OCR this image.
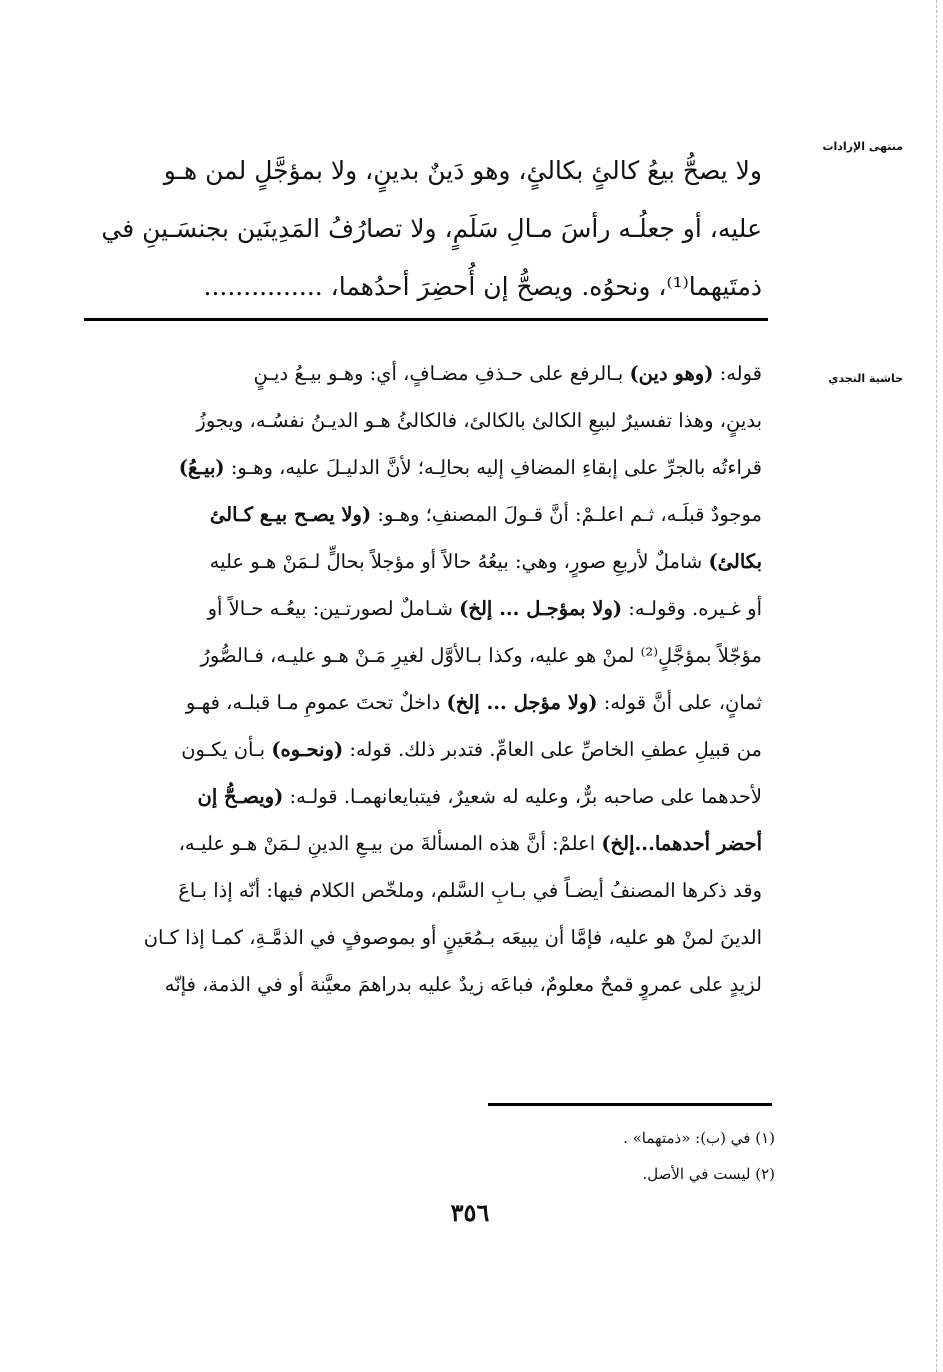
منتهى الإرادات
حاشية النجدي
ولا يصحُّ بيعُ كالئٍ بكالئٍ، وهو دَينٌ بدينٍ، ولا بمؤجَّلٍ لمن هـو
عليه، أو جعلُـه رأسَ مـالِ سَلَمٍ، ولا تصارُفُ المَدِينَين بجنسَـينِ في
ذمتَيهما⁽¹⁾، ونحوُه. ويصحُّ إن أُحضِرَ أحدُهما، ...............
قوله: (وهو دين) بـالرفع على حـذفِ مضـافٍ، أي: وهـو بيـعُ ديـنٍ
بدينٍ، وهذا تفسيرٌ لبيعِ الكالئ بالكالئ، فالكالئُ هـو الديـنُ نفسُـه، ويجوزُ
قراءتُه بالجرِّ على إبقاءِ المضافِ إليه بحالِـه؛ لأنَّ الدليـلَ عليه، وهـو: (بيـعُ)
موجودٌ قبلَـه، ثـم اعلـمْ: أنَّ قـولَ المصنفِ؛ وهـو: (ولا يصـح بيـع كـالئ
بكالئ) شاملٌ لأربعِ صورٍ، وهي: بيعُهُ حالاً أو مؤجلاً بحالٍّ لـمَنْ هـو عليه
أو غـيره. وقولـه: (ولا بمؤجـل ... إلخ) شـاملٌ لصورتـين: بيعُـه حـالاً أو
مؤجّلاً بمؤجَّلٍ⁽²⁾ لمنْ هو عليه، وكذا بـالأوَّل لغيرِ مَـنْ هـو عليـه، فـالصُّورُ
ثمانٍ، على أنَّ قوله: (ولا مؤجل ... إلخ) داخلٌ تحتَ عمومِ مـا قبلـه، فهـو
من قبيلِ عطفِ الخاصِّ على العامِّ. فتدبر ذلك. قوله: (ونحـوه) بـأن يكـون
لأحدهما على صاحبه برٌّ، وعليه له شعيرٌ، فيتبايعانهمـا. قولـه: (ويصـحُّ إن
أحضر أحدهما...إلخ) اعلمْ: أنَّ هذه المسألةَ من بيـعِ الدينِ لـمَنْ هـو عليـه،
وقد ذكرها المصنفُ أيضـاً في بـابِ السَّلم، وملخّص الكلام فيها: أنّه إذا بـاعَ
الدينَ لمنْ هو عليه، فإمَّا أن يبيعَه بـمُعَينٍ أو بموصوفٍ في الذمَّـةِ، كمـا إذا كـان
لزيدٍ على عمروٍ قمحٌ معلومٌ، فباعَه زيدٌ عليه بدراهمَ معيَّنة أو في الذمة، فإنّه
(١) في (ب): «ذمتهما» .
(٢) ليست في الأصل.
٣٥٦
